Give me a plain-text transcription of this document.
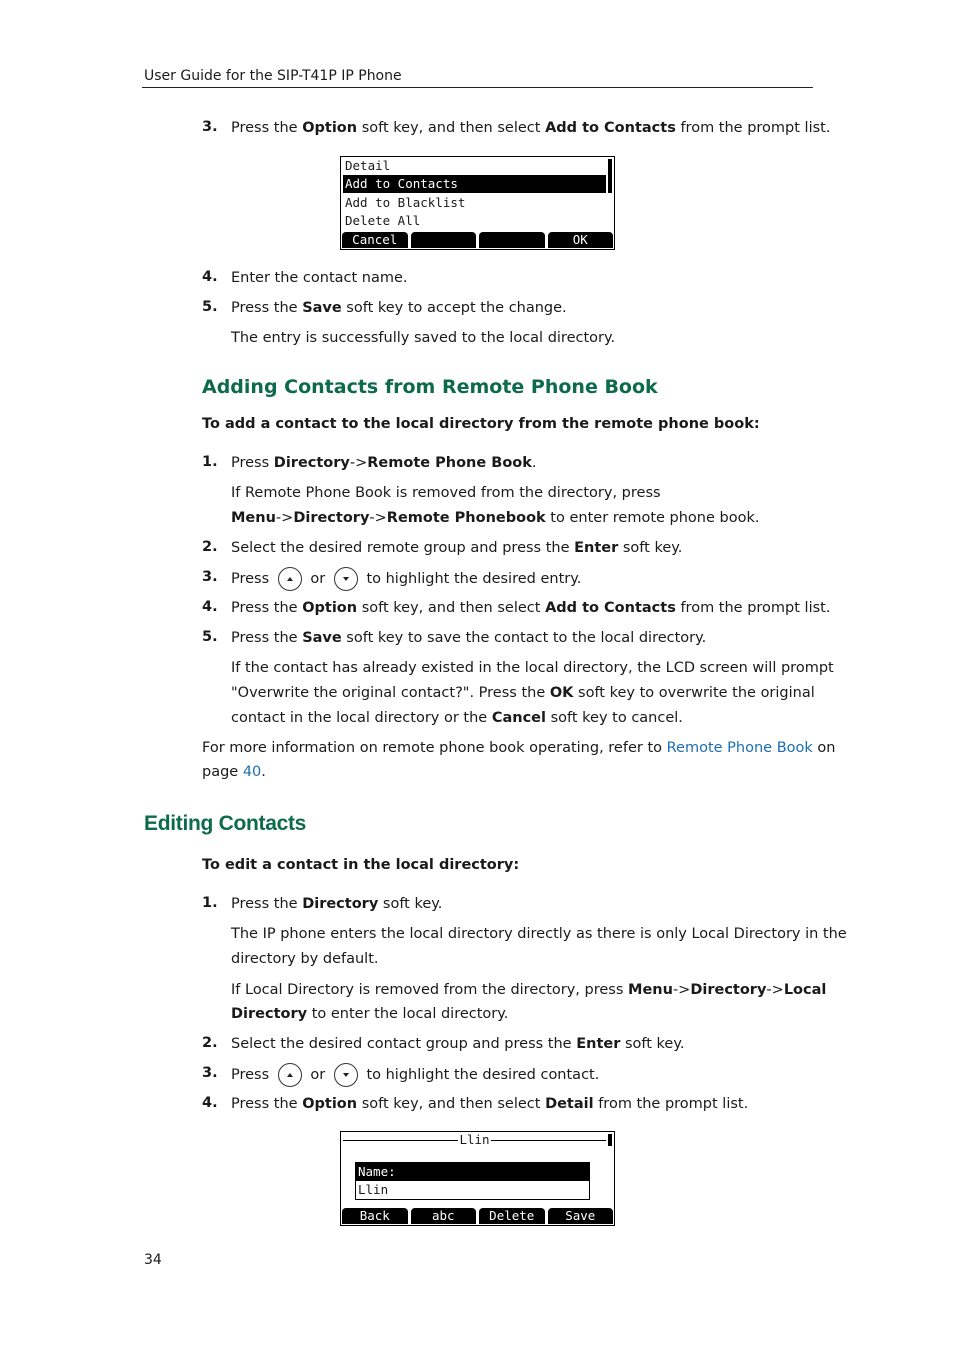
User Guide for the SIP-T41P IP Phone
3. Press the Option soft key, and then select Add to Contacts from the prompt list.
Detail
Add to Contacts
Add to Blacklist
Delete All
Cancel	OK
4. Enter the contact name.
5. Press the Save soft key to accept the change.
The entry is successfully saved to the local directory.
Adding Contacts from Remote Phone Book
To add a contact to the local directory from the remote phone book:
1. Press Directory->Remote Phone Book.
If Remote Phone Book is removed from the directory, press
Menu->Directory->Remote Phonebook to enter remote phone book.
2. Select the desired remote group and press the Enter soft key.
3. Press	or	to highlight the desired entry.
4. Press the Option soft key, and then select Add to Contacts from the prompt list.
5. Press the Save soft key to save the contact to the local directory.
If the contact has already existed in the local directory, the LCD screen will prompt
"Overwrite the original contact?". Press the OK soft key to overwrite the original
contact in the local directory or the Cancel soft key to cancel.
For more information on remote phone book operating, refer to Remote Phone Book on
page 40.
Editing Contacts
To edit a contact in the local directory:
1. Press the Directory soft key.
The IP phone enters the local directory directly as there is only Local Directory in the
directory by default.
If Local Directory is removed from the directory, press Menu->Directory->Local
Directory to enter the local directory.
2. Select the desired contact group and press the Enter soft key.
3. Press	or	to highlight the desired contact.
4. Press the Option soft key, and then select Detail from the prompt list.
Llin
Name:
Llin
Back	abc	Delete	Save
34
